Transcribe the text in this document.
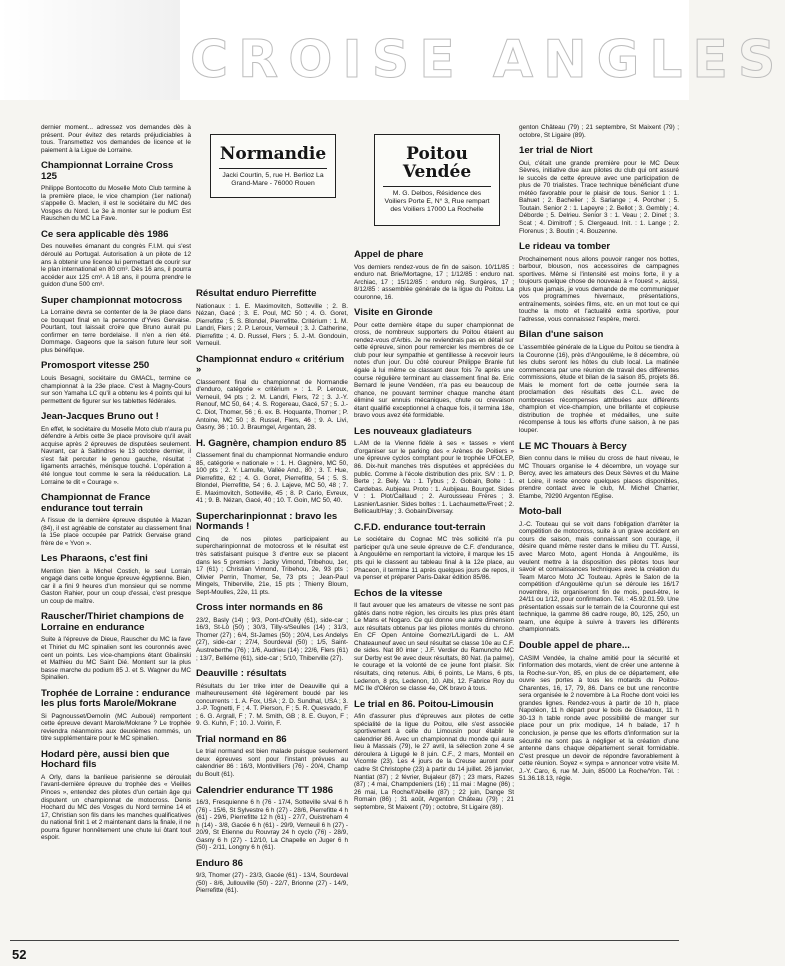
CROISE ANGLES
Normandie
Jacki Courtin, 5, rue H. Berlioz La Grand-Mare - 76000 Rouen
Poitou
Vendée
M. G. Delbos, Résidence des Voiliers Porte E, N° 3, Rue rempart des Voiliers 17000 La Rochelle

dernier moment... adressez vos demandes dès à présent. Pour évitez des retards préjudiciables à tous. Transmettez vos demandes de licence et le paiement à la Ligue de Lorraine.

Championnat Lorraine Cross 125

Philippe Bontocotto du Moselle Moto Club termine à la première place, le vice champion (1er national) s'appelle G. Maclen, il est le sociétaire du MC des Vosges du Nord. Le 3e à monter sur le podium Est Rauschen du MC La Fave.

Ce sera applicable dès 1986

Des nouvelles émanant du congrès F.I.M. qui s'est déroulé au Portugal. Autorisation à un pilote de 12 ans à obtenir une licence lui permettant de courir sur le plan international en 80 cm³. Dès 16 ans, il pourra accéder aux 125 cm³. A 18 ans, il pourra prendre le guidon d'une 500 cm³.

Super championnat motocross

La Lorraine devra se contenter de la 3e place dans ce bouquet final en la personne d'Yves Gervaise. Pourtant, tout laissait croire que Bruno aurait pu confirmer en terre bordelaise. Il n'en a rien été. Dommage. Gageons que la saison future leur soit plus bénéfique.

Promosport vitesse 250

Louis Besagni, sociétaire du GMACL, termine ce championnat à la 23e place. C'est à Magny-Cours sur son Yamaha LC qu'il a obtenu les 4 points qui lui permettent de figurer sur les tablettes fédérales.

Jean-Jacques Bruno out !

En effet, le sociétaire du Moselle Moto club n'aura pu défendre à Arbis cette 3e place provisoire qu'il avait acquise après 2 épreuves de disputées seulement. Navrant, car à Saltindres le 13 octobre dernier, il s'est fait percuter le genou gauche, résultat : ligaments arrachés, ménisque touché. L'opération a été longue tout comme le sera la rééducation. La Lorraine te dit « Courage ».

Championnat de France endurance tout terrain

A l'issue de la dernière épreuve disputée à Mazan (84), il est agréable de constater au classement final la 15e place occupée par Patrick Gervaise grand frère de « Yvon ».

Les Pharaons, c'est fini

Mention bien à Michel Costich, le seul Lorrain engagé dans cette longue épreuve égyptienne. Bien, car il a fini 9 heures d'un monsieur qui se nomme Gaston Rahier, pour un coup d'essai, c'est presque un coup de maître.

Rauscher/Thiriet champions de Lorraine en endurance

Suite à l'épreuve de Dieue, Rauscher du MC la fave et Thiriet du MC spinalien sont les couronnés avec cent un points. Les vice-champions étant Gbalinski et Mathieu du MC Saint Dié. Montent sur la plus basse marche du podium 85 J. et S. Wagner du MC Spinalien.

Trophée de Lorraine : endurance les plus forts Marole/Mokrane

Si Pagnousset/Demolin (MC Auboué) remportent cette épreuve devant Marole/Mokrane ? Le trophée reviendra néanmoins aux deuxièmes nommés, un titre supplémentaire pour le MC spinalien.

Hodard père, aussi bien que Hochard fils

A Orly, dans la banlieue parisienne se déroulait l'avant-dernière épreuve du trophée des « Vieilles Pinces », entendez des pilotes d'un certain âge qui disputent un championnat de motocross. Denis Hochard du MC des Vosges du Nord termine 14 et 17, Christian son fils dans les manches qualificatives du national finit 1 et 2 maintenant dans la finale, il ne pourra figurer honnêtement une chute lui ôtant tout espoir.

Résultat enduro Pierrefitte

Nationaux : 1. E. Maximovitch, Sotteville ; 2. B. Nézan, Gacé ; 3. E. Poul, MC 50 ; 4. G. Goret, Pierrefitte ; 5. S. Blondel, Pierrefitte. Critérium : 1. M. Landri, Flers ; 2. P. Leroux, Verneuil ; 3. J. Catherine, Pierrefitte ; 4. D. Russel, Flers ; 5. J.-M. Gondouin, Verneuil.

Championnat enduro « critérium »

Classement final du championnat de Normandie d'enduro, catégorie « critérium » : 1. P. Leroux, Verneuil, 94 pts ; 2. M. Landri, Flers, 72 ; 3. J.-Y. Renouf, MC 50, 64 ; 4. S. Rogereau, Gacé, 57 ; 5. J.-C. Diot, Thomer, 56 ; 6. ex. B. Hoquante, Thomer ; P. Antoine, MC 50 ; 8. Russel, Flers, 46 ; 9. A. Livi, Gasny, 36 ; 10. J. Braumgel, Argentan, 28.

H. Gagnère, champion enduro 85

Classement final du championnat Normandie enduro 85, catégorie « nationale » : 1. H. Gagnère, MC 50, 100 pts ; 2. Y. Lamulle, Vallée And., 80 ; 3. T. Hue, Pierrefitte, 62 ; 4. G. Goret, Pierrefitte, 54 ; 5. S. Blondel, Pierrefitte, 54 ; 6. J. Lajeve, MC 50, 48 ; 7. E. Maximovitch, Sotteville, 45 ; 8. P. Cario, Evreux, 41 ; 9. B. Nézan, Gacé, 40 ; 10. T. Goin, MC 50, 40.

Supercharinpionnat : bravo les Normands !

Cinq de nos pilotes participaient au supercharinpionnat de motocross et le résultat est très satisfaisant puisque 3 d'entre eux se placent dans les 5 premiers : Jacky Vimond, Tribehou, 1er, 17 (61) ; Christian Vimond, Tribehou, 2e, 93 pts ; Olivier Perrin, Thomer, 5e, 73 pts ; Jean-Paul Mingels, Thiberville, 21e, 15 pts ; Thierry Bloum, Sept-Moulles, 22e, 11 pts.

Cross inter normands en 86

23/2, Basly (14) ; 9/3, Pont-d'Ouilly (61), side-car ; 16/3, St-Lô (50) ; 30/3, Tilly-s/Seulles (14) ; 31/3, Thomer (27) ; 6/4, St-James (50) ; 20/4, Les Andelys (27), side-car ; 27/4, Sourdeval (50) ; 1/5, Saint-Austreberthe (76) ; 1/6, Audrieu (14) ; 22/6, Flers (61) ; 13/7, Belléme (61), side-car ; 5/10, Thiberville (27).

Deauville : résultats

Résultats du 1er trike inter de Deauville qui a malheureusement été légèrement boudé par les concurrents : 1. A. Fox, USA ; 2. D. Sundhal, USA ; 3. J.-P. Tognetti, F ; 4. T. Pierson, F ; 5. R. Quesvado, F ; 6. G. Argrall, F ; 7. M. Smith, GB ; 8. E. Guyon, F ; 9. G. Kuhn, F ; 10. J. Voirin, F.

Trial normand en 86

Le trial normand est bien malade puisque seulement deux épreuves sont pour l'instant prévues au calendrier 86 : 16/3, Montivilliers (76) - 20/4, Champ du Boult (61).

Calendrier endurance TT 1986

16/3, Fresquienne 6 h (76 - 17/4, Sotteville s/val 6 h (76) - 15/6, St Sylvestre 6 h (27) - 28/6, Pierrefitte 4 h (61) - 29/6, Pierrefitte 12 h (61) - 27/7, Ouistreham 4 h (14) - 3/8, Gacée 6 h (61) - 29/9, Verneuil 6 h (27) - 20/9, St Etienne du Rouvray 24 h cyclo (76) - 28/9, Gasny 6 h (27) - 12/10, La Chapelle en Juger 6 h (50) - 2/11, Longny 6 h (61).

Enduro 86

9/3, Thomer (27) - 23/3, Gacée (61) - 13/4, Sourdeval (50) - 8/6, Jullouville (50) - 22/7, Brionne (27) - 14/9, Pierrefitte (61).

Appel de phare

Vos derniers rendez-vous de fin de saison. 10/11/85 : enduro nat. Brie/Mortagne, 17 ; 1/12/85 : enduro nat. Archiac, 17 ; 15/12/85 : enduro rég. Surgères, 17 ; 8/12/85 : assemblée générale de la ligue du Poitou. La couronne, 16.

Visite en Gironde

Pour cette dernière étape du super championnat de cross, de nombreux supporters du Poitou étaient au rendez-vous d'Arbis. Je ne reviendrais pas en détail sur cette épreuve, sinon pour remercier les membres de ce club pour leur sympathie et gentillesse à recevoir leurs notes d'un jour. Du côté coureur Philippe Branle fut égale à lui même ce classant deux fois 7e après une course régulière terminant au classement final 8e. Eric Bernard le jeune Vendéen, n'a pas eu beaucoup de chance, ne pouvant terminer chaque manche étant éliminé sur ennuis mécaniques, chute ou crevaison étant qualifié exceptionnel à chaque fois, il termina 18e, bravo vous avez été formidable.

Les nouveaux gladiateurs

L.AM de la Vienne fidèle à ses « tasses » vient d'organiser sur le parking des « Arènes de Poitiers » une épreuve cyclos comptant pour le trophée UFOLEP, 86. Dix-huit manches très disputées et appréciées du public. Comme à l'école distribution des prix. S/V : 1. P. Berte ; 2. Bely. Va : 1. Tybus ; 2. Gobain, Bolte : 1. Cardebas. Aubjeau. Proto : 1. Aubijeau. Bourget. Sides V : 1. Plot/Caillaud ; 2. Aurousseau Frères ; 3. Lasnier/Lasnier. Sides boltes : 1. Lachaumette/Freet ; 2. Bellicault/Hay ; 3. Gobain/Diversay.

C.F.D. endurance tout-terrain

Le sociétaire du Cognac MC très sollicité n'a pu participer qu'à une seule épreuve de C.F. d'endurance, à Angoulême en remportant la victoire, il marque les 15 pts qui le classent au tableau final à la 12e place, au Phaceon, il termine 11 après quelques jours de repos, il va penser et préparer Paris-Dakar édition 85/86.

Echos de la vitesse

Il faut avouer que les amateurs de vitesse ne sont pas gâtés dans notre région, les circuits les plus près étant Le Mans et Nogaro. Ce qui donne une autre dimension aux résultats obtenus par les pilotes montés du chrono. En CF Open Antoine Gomez/L/Ligardi de L. AM Chateauneuf avec un seul résultat se classe 10e au C.F. de sides. Nat 80 inter ; J.F. Verdier du Ramuncho MC sur Derby est 9e avec deux résultats, 80 Nat. (la palme), le courage et la volonté de ce jeune font plaisir. Six résultats, cinq retenus. Albi, 6 points, Le Mans, 6 pts, Ledenon, 8 pts, Ledenon, 10. Albi, 12. Fabrice Roy du MC Ile d'Oléron se classe 4e, OK bravo à tous.

Le trial en 86. Poitou-Limousin

Afin d'assurer plus d'épreuves aux pilotes de cette spécialité de la ligue du Poitou, elle s'est associée sportivement à celle du Limousin pour établir le calendrier 86. Avec un championnat du monde qui aura lieu à Massais (79), le 27 avril, la sélection zone 4 se déroulera à Ligugé le 8 juin. C.F., 2 mars, Monteil en Vicomte (23). Les 4 jours de la Creuse auront pour cadre St Christophe (23) à partir du 14 juillet. 26 janvier, Nantiat (87) ; 2 février, Bujaleur (87) ; 23 mars, Razes (87) ; 4 mai, Champdeniers (16) ; 11 mai : Magne (86) ; 26 mai, La Roche/l'Abeille (87) ; 22 juin, Dange St Romain (86) ; 31 août, Argenton Château (79) ; 21 septembre, St Maixent (79) ; octobre, St Ligaire (89).

genton Château (79) ; 21 septembre, St Maixent (79) ; octobre, St Ligaire (89).

1er trial de Niort

Oui, c'était une grande première pour le MC Deux Sèvres, initiative due aux pilotes du club qui ont assuré le succès de cette épreuve avec une participation de plus de 70 trialistes. Trace technique bénéficiant d'une météo favorable pour le plaisir de tous. Senior 1 : 1. Bahuet ; 2. Bachelier ; 3. Sarlange ; 4. Porcher ; 5. Toutain. Senior 2 : 1. Lapeyre ; 2. Bellot ; 3. Gembly ; 4. Déborde ; 5. Delrieu. Senior 3 : 1. Veau ; 2. Dinet ; 3. Scat ; 4. Dimitroff ; 5. Clergeaud. Init. : 1. Lange ; 2. Florenus ; 3. Boutin ; 4. Bouzenne.

Le rideau va tomber

Prochainement nous allons pouvoir ranger nos bottes, barbour, blouson, nos accessoires de campagnes sportives. Même si l'intensité est moins forte, il y a toujours quelque chose de nouveau à « l'ouest », aussi, plus que jamais, je vous demande de me communiquer vos programmes hivernaux, présentations, entraînements, soirées films, etc. en un mot tout ce qui touche la moto et l'actualité extra sportive, pour l'adresse, vous connaissez l'espère, merci.

Bilan d'une saison

L'assemblée générale de la Ligue du Poitou se tiendra à la Couronne (16), près d'Angoulême, le 8 décembre, où les clubs seront les hôtes du club local. La matinée commencera par une réunion de travail des différentes commissions, étude et bilan de la saison 85, projets 86. Mais le moment fort de cette journée sera la proclamation des résultats des C.L. avec de nombreuses récompenses attribuées aux différents champion et vice-champion, une brillante et copieuse distribution de trophée et médailles, une suite récompense à tous les efforts d'une saison, à ne pas louper.

LE MC Thouars à Bercy

Bien connu dans le milieu du cross de haut niveau, le MC Thouars organise le 4 décembre, un voyage sur Bercy, avec les amateurs des Deux Sèvres et du Maine et Loire, il reste encore quelques places disponibles, prendre contact avec le club, M. Michel Charrier, Etambe, 79290 Argenton l'Eglise.

Moto-ball

J.-C. Touteau qui se voit dans l'obligation d'arrêter la compétition de motocross, suite à un grave accident en cours de saison, mais connaissant son courage, il désire quand même rester dans le milieu du TT. Aussi, avec Marco Moto, agent Honda à Angoulême, ils veulent mettre à la disposition des pilotes tous leur savoir et connaissances techniques avec la création du Team Marco Moto JC Touteau. Après le Salon de la compétition d'Angoulême qu'un se déroule les 16/17 novembre, ils organiseront fin de mois, peut-être, le 24/11 ou 1/12, pour confirmation. Tél. : 45.92.01.59. Une présentation essais sur le terrain de la Couronne qui est technique, la gamme 86 cadre rouge, 80, 125, 250, un team, une équipe à suivre à travers les différents championnats.

Double appel de phare...

CASIM Vendée, la chaîne amitié pour la sécurité et l'information des motards, vient de créer une antenne à la Roche-sur-Yon, 85, en plus de ce département, elle ouvre ses portes à tous les motards du Poitou-Charentes, 16, 17, 79, 86. Dans ce but une rencontre sera organisée le 2 novembre à La Roche dont voici les grandes lignes. Rendez-vous à partir de 10 h, place Napoléon, 11 h départ pour le bois de Gisadoux, 11 h 30-13 h table ronde avec possibilité de manger sur place pour un prix modique, 14 h balade, 17 h conclusion, je pense que les efforts d'information sur la sécurité ne sont pas à négliger et la création d'une antenne dans chaque département serait formidable. C'est presque un devoir de répondre favorablement à cette réunion. Soyez « sympa » annoncer votre visite M. J.-Y. Caro, 6, rue M. Juin, 85000 La Roche/Yon. Tél. : 51.36.18.13, régie.

52
